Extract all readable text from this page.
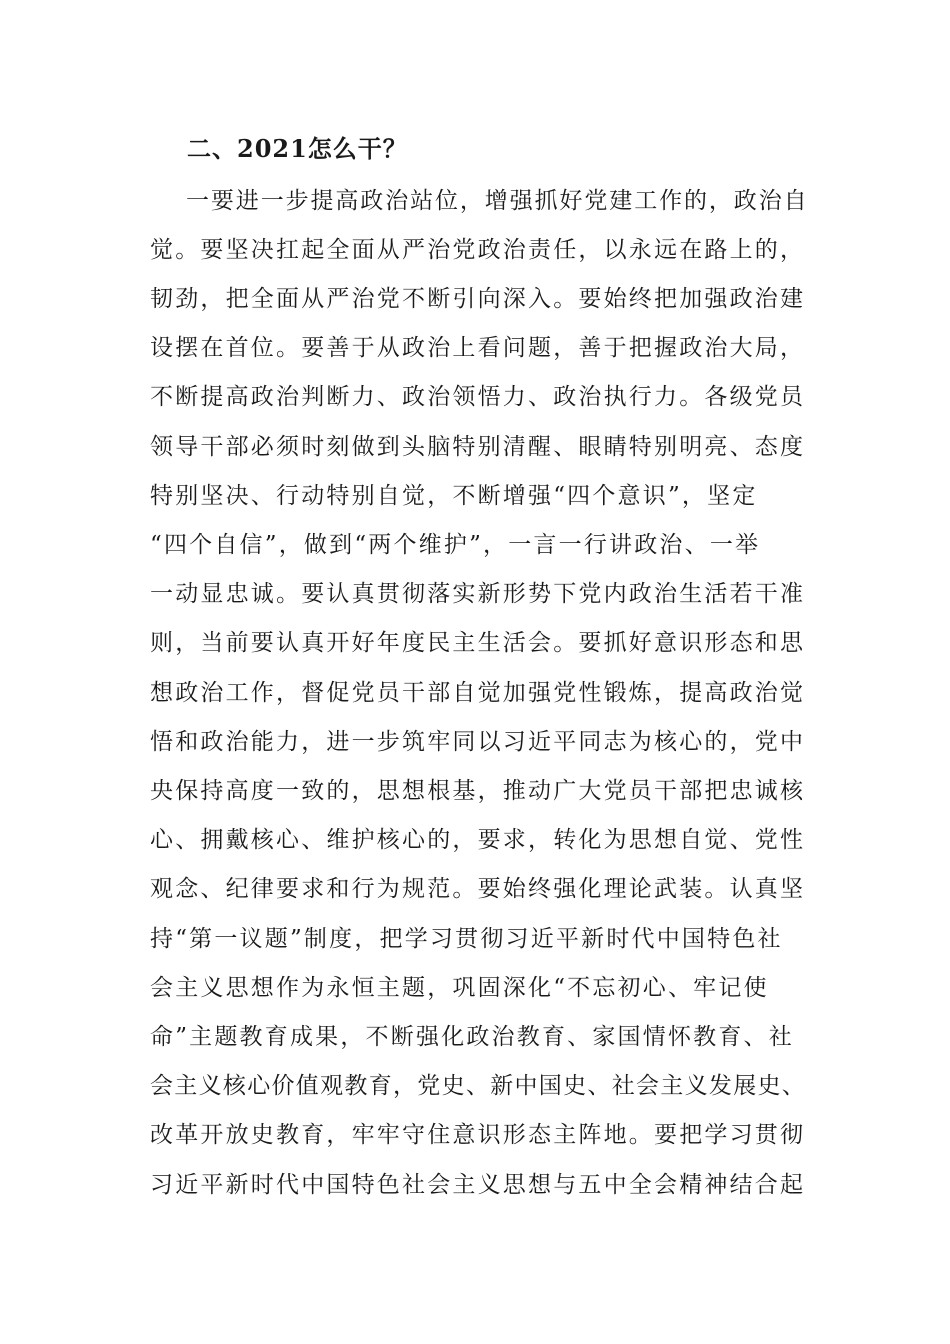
二、2021怎么干？
一要进一步提高政治站位，增强抓好党建工作的，政治自
觉。要坚决扛起全面从严治党政治责任，以永远在路上的，
韧劲，把全面从严治党不断引向深入。要始终把加强政治建
设摆在首位。要善于从政治上看问题，善于把握政治大局，
不断提高政治判断力、政治领悟力、政治执行力。各级党员
领导干部必须时刻做到头脑特别清醒、眼睛特别明亮、态度
特别坚决、行动特别自觉，不断增强“四个意识”，坚定
“四个自信”，做到“两个维护”，一言一行讲政治、一举
一动显忠诚。要认真贯彻落实新形势下党内政治生活若干准
则，当前要认真开好年度民主生活会。要抓好意识形态和思
想政治工作，督促党员干部自觉加强党性锻炼，提高政治觉
悟和政治能力，进一步筑牢同以习近平同志为核心的，党中
央保持高度一致的，思想根基，推动广大党员干部把忠诚核
心、拥戴核心、维护核心的，要求，转化为思想自觉、党性
观念、纪律要求和行为规范。要始终强化理论武装。认真坚
持“第一议题”制度，把学习贯彻习近平新时代中国特色社
会主义思想作为永恒主题，巩固深化“不忘初心、牢记使
命”主题教育成果，不断强化政治教育、家国情怀教育、社
会主义核心价值观教育，党史、新中国史、社会主义发展史、
改革开放史教育，牢牢守住意识形态主阵地。要把学习贯彻
习近平新时代中国特色社会主义思想与五中全会精神结合起
